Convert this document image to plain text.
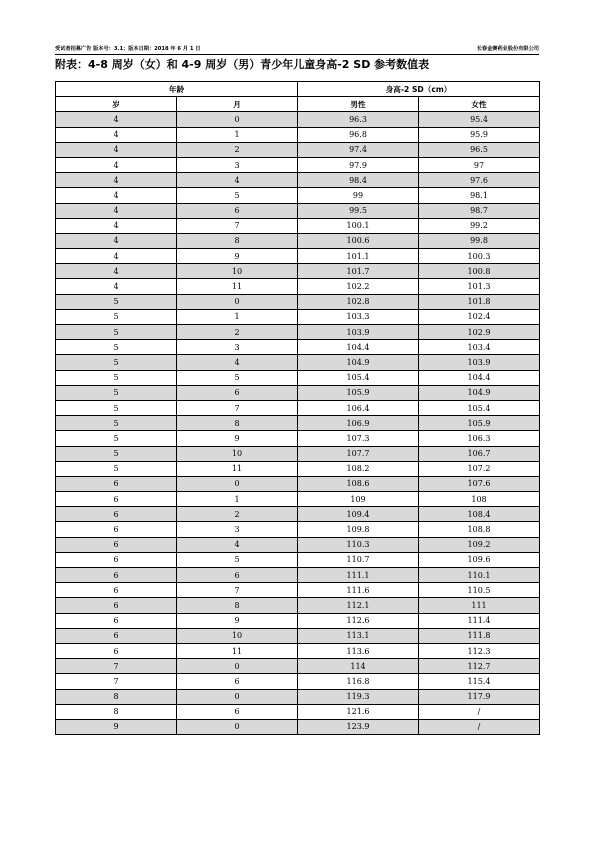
受试者招募广告 版本号：3.1；版本日期：2018 年 6 月 1 日	长春金赛药业股份有限公司
附表：4-8 周岁（女）和 4-9 周岁（男）青少年儿童身高-2 SD 参考数值表
年龄		身高-2 SD（cm）	
岁	月	男性	女性
4	0	96.3	95.4
4	1	96.8	95.9
4	2	97.4	96.5
4	3	97.9	97
4	4	98.4	97.6
4	5	99	98.1
4	6	99.5	98.7
4	7	100.1	99.2
4	8	100.6	99.8
4	9	101.1	100.3
4	10	101.7	100.8
4	11	102.2	101.3
5	0	102.8	101.8
5	1	103.3	102.4
5	2	103.9	102.9
5	3	104.4	103.4
5	4	104.9	103.9
5	5	105.4	104.4
5	6	105.9	104.9
5	7	106.4	105.4
5	8	106.9	105.9
5	9	107.3	106.3
5	10	107.7	106.7
5	11	108.2	107.2
6	0	108.6	107.6
6	1	109	108
6	2	109.4	108.4
6	3	109.8	108.8
6	4	110.3	109.2
6	5	110.7	109.6
6	6	111.1	110.1
6	7	111.6	110.5
6	8	112.1	111
6	9	112.6	111.4
6	10	113.1	111.8
6	11	113.6	112.3
7	0	114	112.7
7	6	116.8	115.4
8	0	119.3	117.9
8	6	121.6	/
9	0	123.9	/
